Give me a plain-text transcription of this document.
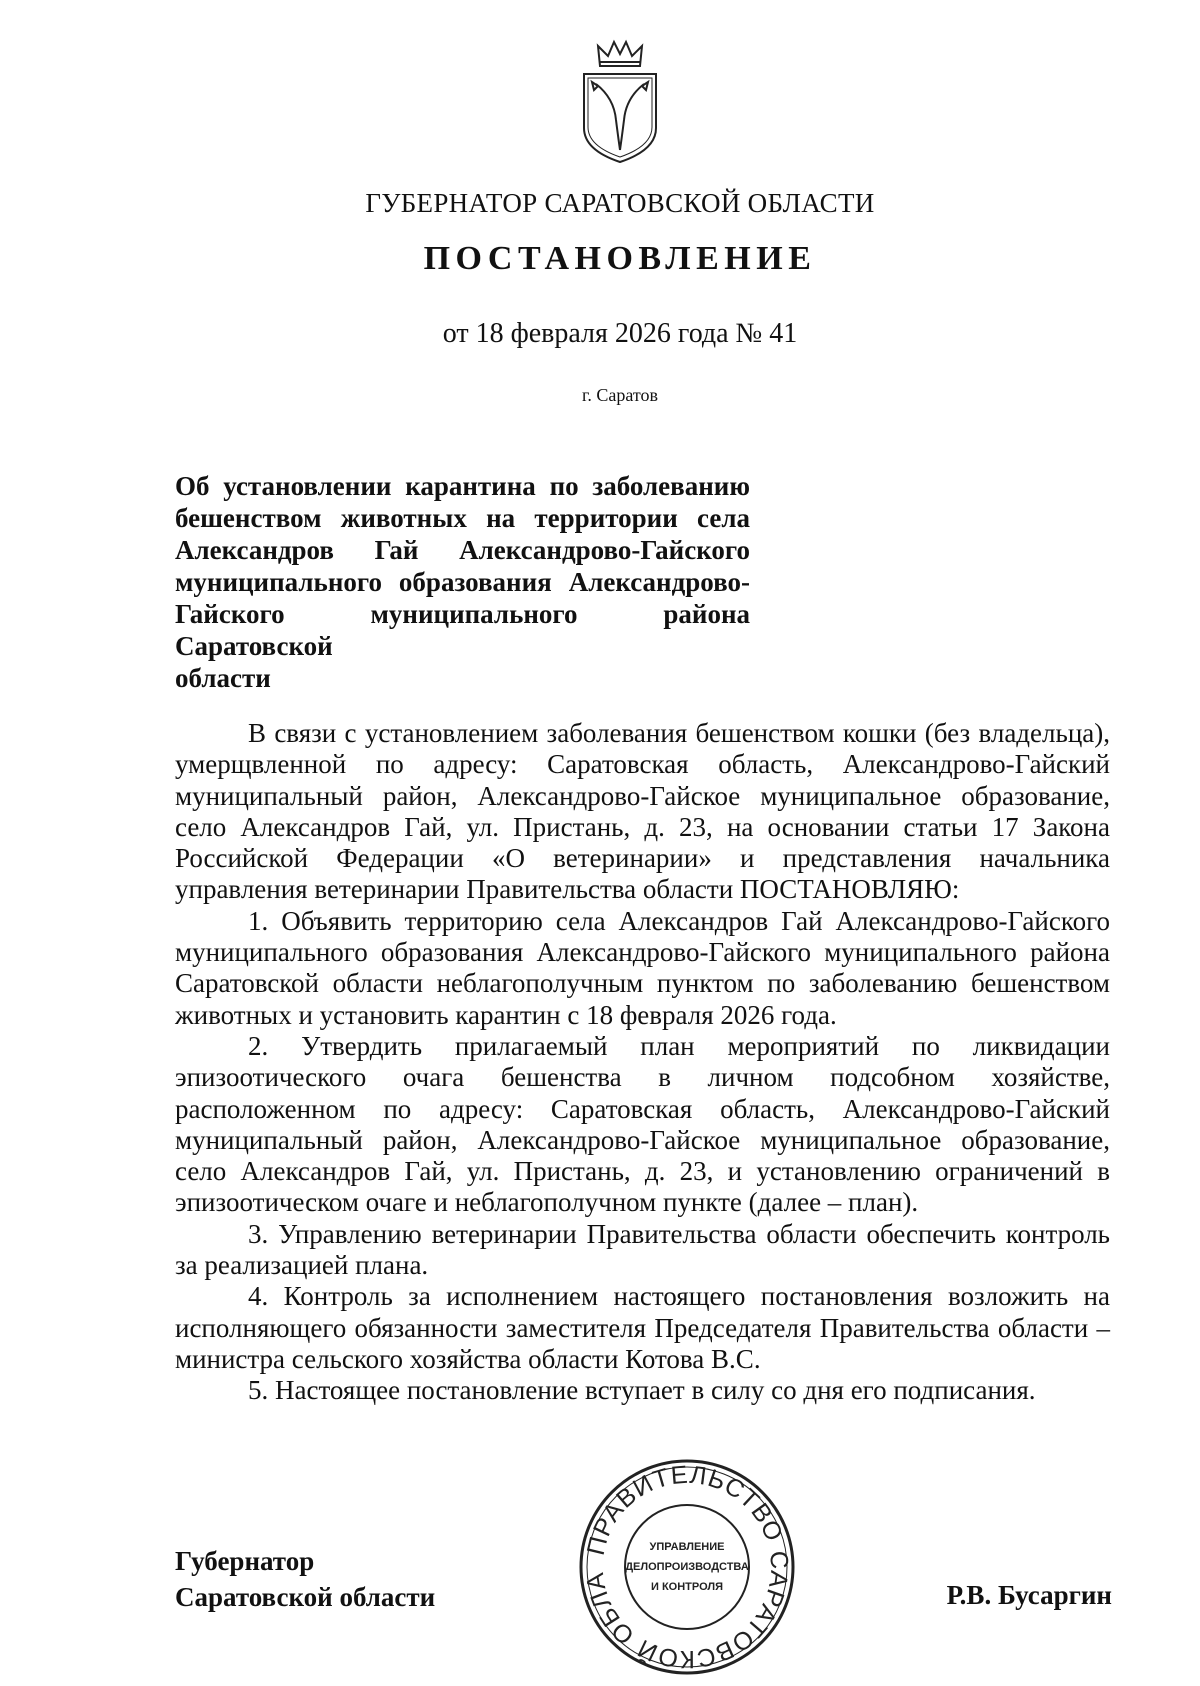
ГУБЕРНАТОР САРАТОВСКОЙ ОБЛАСТИ
ПОСТАНОВЛЕНИЕ
от 18 февраля 2026 года № 41
г. Саратов
Об установлении карантина по заболеванию
бешенством животных на территории села
Александров Гай Александрово-Гайского
муниципального образования Александрово-
Гайского муниципального района Саратовской
области

В связи с установлением заболевания бешенством кошки (без владельца), умерщвленной по адресу: Саратовская область, Александрово-Гайский муниципальный район, Александрово-Гайское муниципальное образование, село Александров Гай, ул. Пристань, д. 23, на основании статьи 17 Закона Российской Федерации «О ветеринарии» и представления начальника управления ветеринарии Правительства области ПОСТАНОВЛЯЮ:

1. Объявить территорию села Александров Гай Александрово-Гайского муниципального образования Александрово-Гайского муниципального района Саратовской области неблагополучным пунктом по заболеванию бешенством животных и установить карантин с 18 февраля 2026 года.

2. Утвердить прилагаемый план мероприятий по ликвидации эпизоотического очага бешенства в личном подсобном хозяйстве, расположенном по адресу: Саратовская область, Александрово-Гайский муниципальный район, Александрово-Гайское муниципальное образование, село Александров Гай, ул. Пристань, д. 23, и установлению ограничений в эпизоотическом очаге и неблагополучном пункте (далее – план).

3. Управлению ветеринарии Правительства области обеспечить контроль за реализацией плана.

4. Контроль за исполнением настоящего постановления возложить на исполняющего обязанности заместителя Председателя Правительства области – министра сельского хозяйства области Котова В.С.

5. Настоящее постановление вступает в силу со дня его подписания.

Губернатор
Саратовской области	Р.В. Бусаргин
ПРАВИТЕЛЬСТВО САРАТОВСКОЙ ОБЛА
УПРАВЛЕНИЕ
ДЕЛОПРОИЗВОДСТВА
И КОНТРОЛЯ
